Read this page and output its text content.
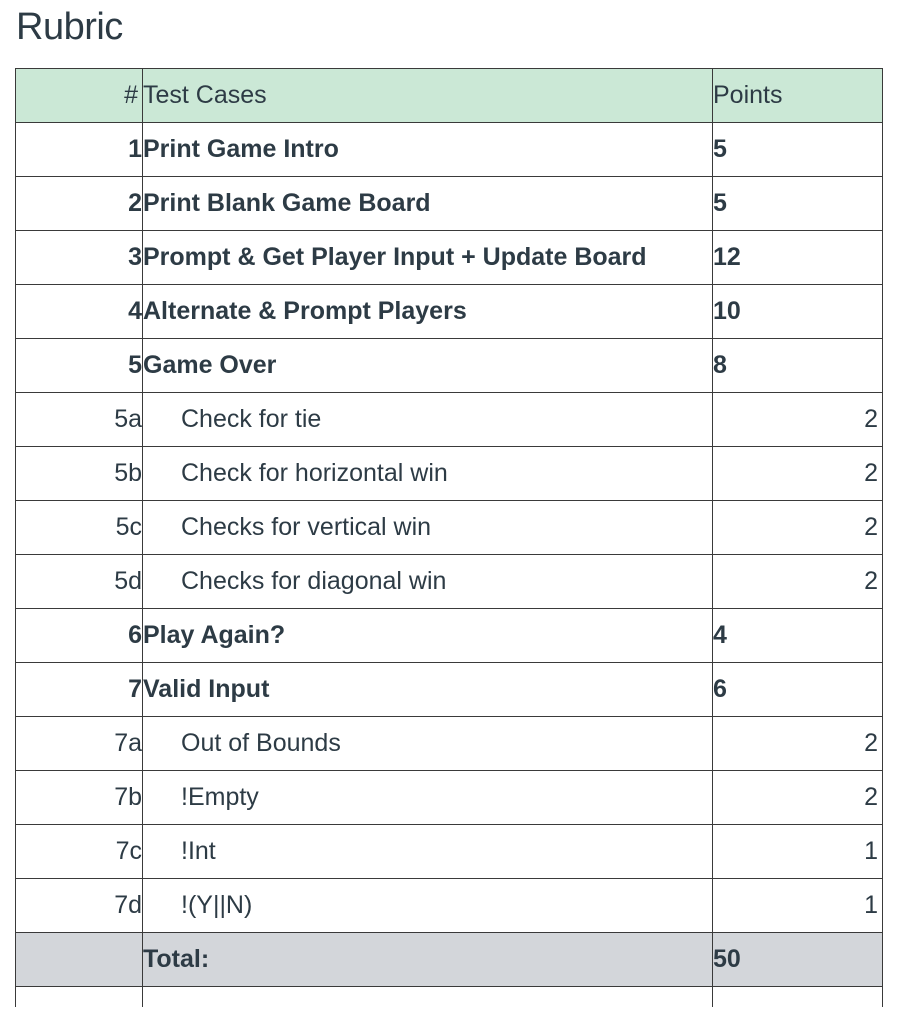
Rubric
#	Test Cases	Points
1	Print Game Intro	5
2	Print Blank Game Board	5
3	Prompt & Get Player Input + Update Board	12
4	Alternate & Prompt Players	10
5	Game Over	8
5a	Check for tie	2
5b	Check for horizontal win	2
5c	Checks for vertical win	2
5d	Checks for diagonal win	2
6	Play Again?	4
7	Valid Input	6
7a	Out of Bounds	2
7b	!Empty	2
7c	!Int	1
7d	!(Y||N)	1
	Total:	50
